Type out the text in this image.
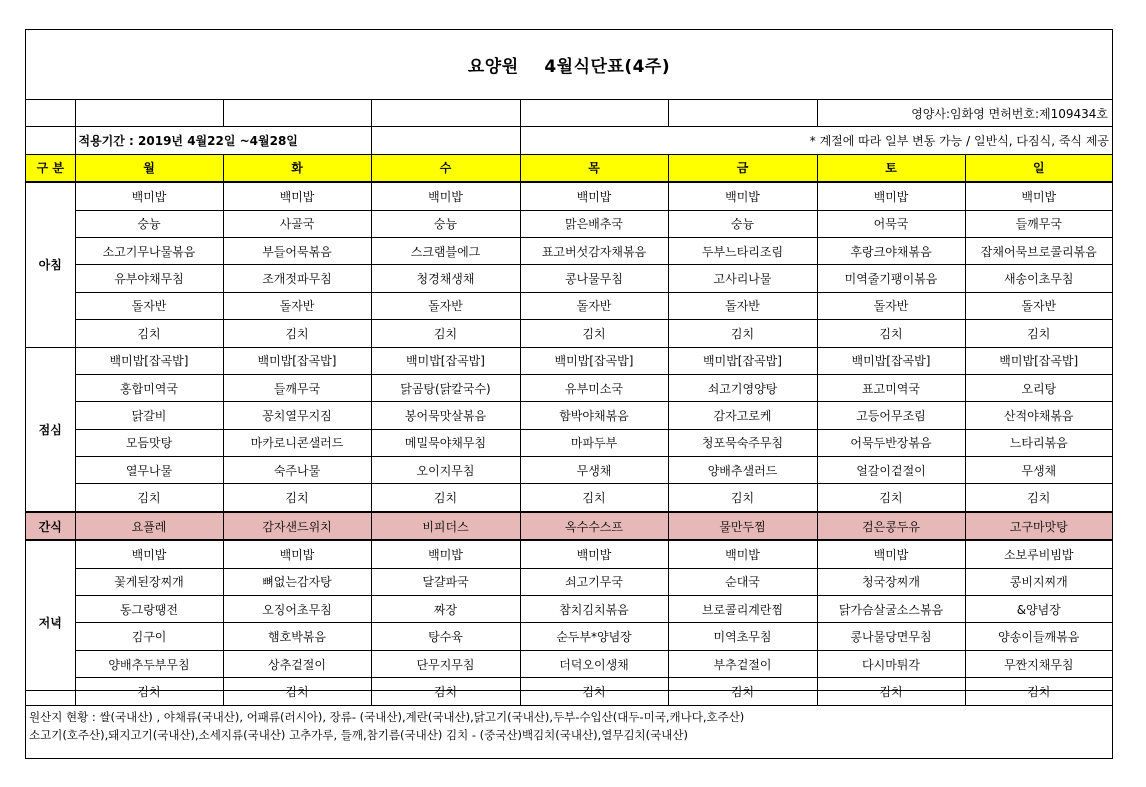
요양원    4월식단표(4주)
						영양사:임화영 면허번호:제109434호	
	적용기간 : 2019년 4월22일 ~4월28일			* 계절에 따라 일부 변동 가능 / 일반식, 다짐식, 죽식 제공			
구 분	월	화	수	목	금	토	일
아침	백미밥	백미밥	백미밥	백미밥	백미밥	백미밥	백미밥
	숭늉	사골국	숭늉	맑은배추국	숭늉	어묵국	들깨무국
	소고기무나물볶음	부들어묵볶음	스크램블에그	표고버섯감자채볶음	두부느타리조림	후랑크야채볶음	잡채어묵브로콜리볶음
	유부야채무침	조개젓파무침	청경채생채	콩나물무침	고사리나물	미역줄기팽이볶음	새송이초무침
	돌자반	돌자반	돌자반	돌자반	돌자반	돌자반	돌자반
	김치	김치	김치	김치	김치	김치	김치
점심	백미밥[잡곡밥]	백미밥[잡곡밥]	백미밥[잡곡밥]	백미밥[잡곡밥]	백미밥[잡곡밥]	백미밥[잡곡밥]	백미밥[잡곡밥]
	홍합미역국	들깨무국	닭곰탕(닭칼국수)	유부미소국	쇠고기영양탕	표고미역국	오리탕
	닭갈비	꽁치열무지짐	봉어묵맛살볶음	함박야채볶음	감자고로케	고등어무조림	산적야채볶음
	모듬맛탕	마카로니콘샐러드	메밀묵야채무침	마파두부	청포묵숙주무침	어묵두반장볶음	느타리볶음
	열무나물	숙주나물	오이지무침	무생채	양배추샐러드	얼갈이겉절이	무생채
	김치	김치	김치	김치	김치	김치	김치
간식	요플레	감자샌드위치	비피더스	옥수수스프	물만두찜	검은콩두유	고구마맛탕
저녁	백미밥	백미밥	백미밥	백미밥	백미밥	백미밥	소보루비빔밥
	꽃게된장찌개	뼈없는감자탕	달걀파국	쇠고기무국	순대국	청국장찌개	콩비지찌개
	동그랑땡전	오징어초무침	짜장	참치김치볶음	브로콜리계란찜	닭가슴살굴소스볶음	&양념장
	김구이	햄호박볶음	탕수육	순두부*양념장	미역초무침	콩나물당면무침	양송이들깨볶음
	양배추두부무침	상추겉절이	단무지무침	더덕오이생채	부추겉절이	다시마튀각	무짠지채무침
	김치	김치	김치	김치	김치	김치	김치
원산지 현황 : 쌀(국내산) , 야채류(국내산), 어패류(러시아), 장류- (국내산),계란(국내산),닭고기(국내산),두부-수입산(대두-미국,캐나다,호주산)
소고기(호주산),돼지고기(국내산),소세지류(국내산) 고추가루, 들깨,참기름(국내산) 김치 - (중국산)백김치(국내산),열무김치(국내산)
